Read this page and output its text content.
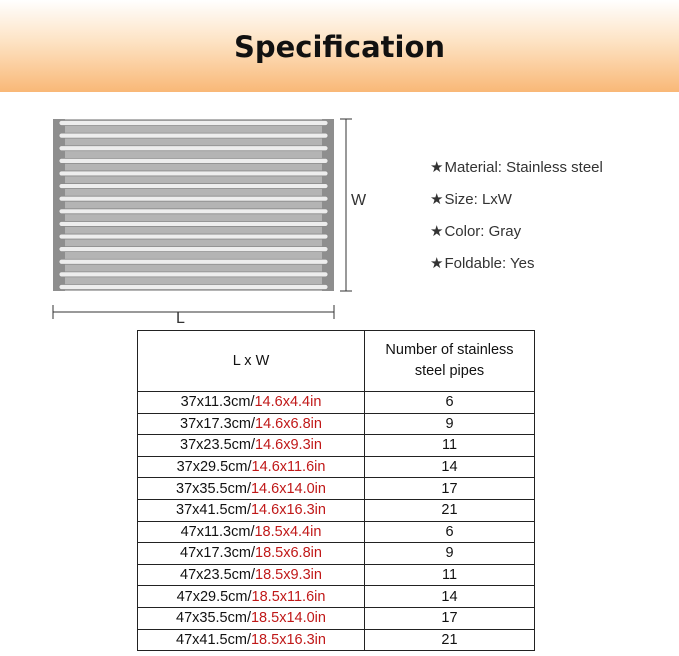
Specification
W
L
★Material: Stainless steel
★Size: LxW
★Color: Gray
★Foldable: Yes
L x W	Number of stainless steel pipes

37x11.3cm/14.6x4.4in	6
37x17.3cm/14.6x6.8in	9
37x23.5cm/14.6x9.3in	11
37x29.5cm/14.6x11.6in	14
37x35.5cm/14.6x14.0in	17
37x41.5cm/14.6x16.3in	21
47x11.3cm/18.5x4.4in	6
47x17.3cm/18.5x6.8in	9
47x23.5cm/18.5x9.3in	11
47x29.5cm/18.5x11.6in	14
47x35.5cm/18.5x14.0in	17
47x41.5cm/18.5x16.3in	21
